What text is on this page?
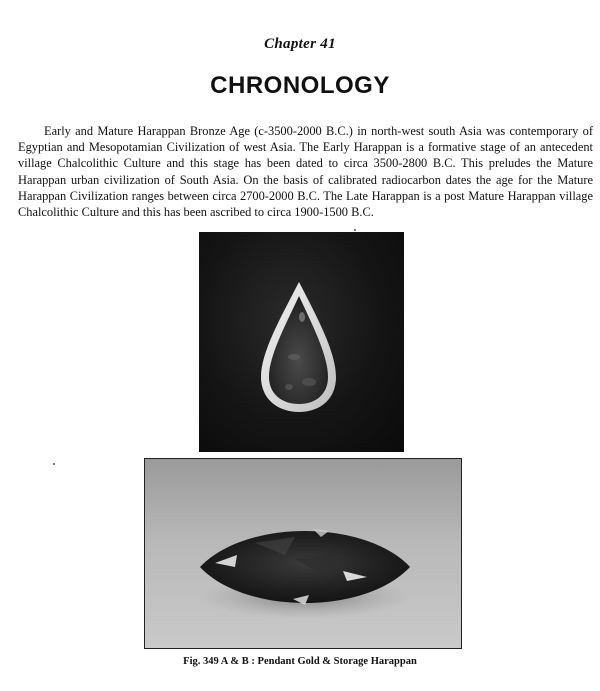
Chapter 41
CHRONOLOGY

Early and Mature Harappan Bronze Age (c-3500-2000 B.C.) in north-west south Asia was contemporary of Egyptian and Mesopotamian Civilization of west Asia. The Early Harappan is a formative stage of an antecedent village Chalcolithic Culture and this stage has been dated to circa 3500-2800 B.C. This preludes the Mature Harappan urban civilization of South Asia. On the basis of calibrated radiocarbon dates the age for the Mature Harappan Civilization ranges between circa 2700-2000 B.C. The Late Harappan is a post Mature Harappan village Chalcolithic Culture and this has been ascribed to circa 1900-1500 B.C.

Fig. 349 A & B : Pendant Gold & Storage Harappan
